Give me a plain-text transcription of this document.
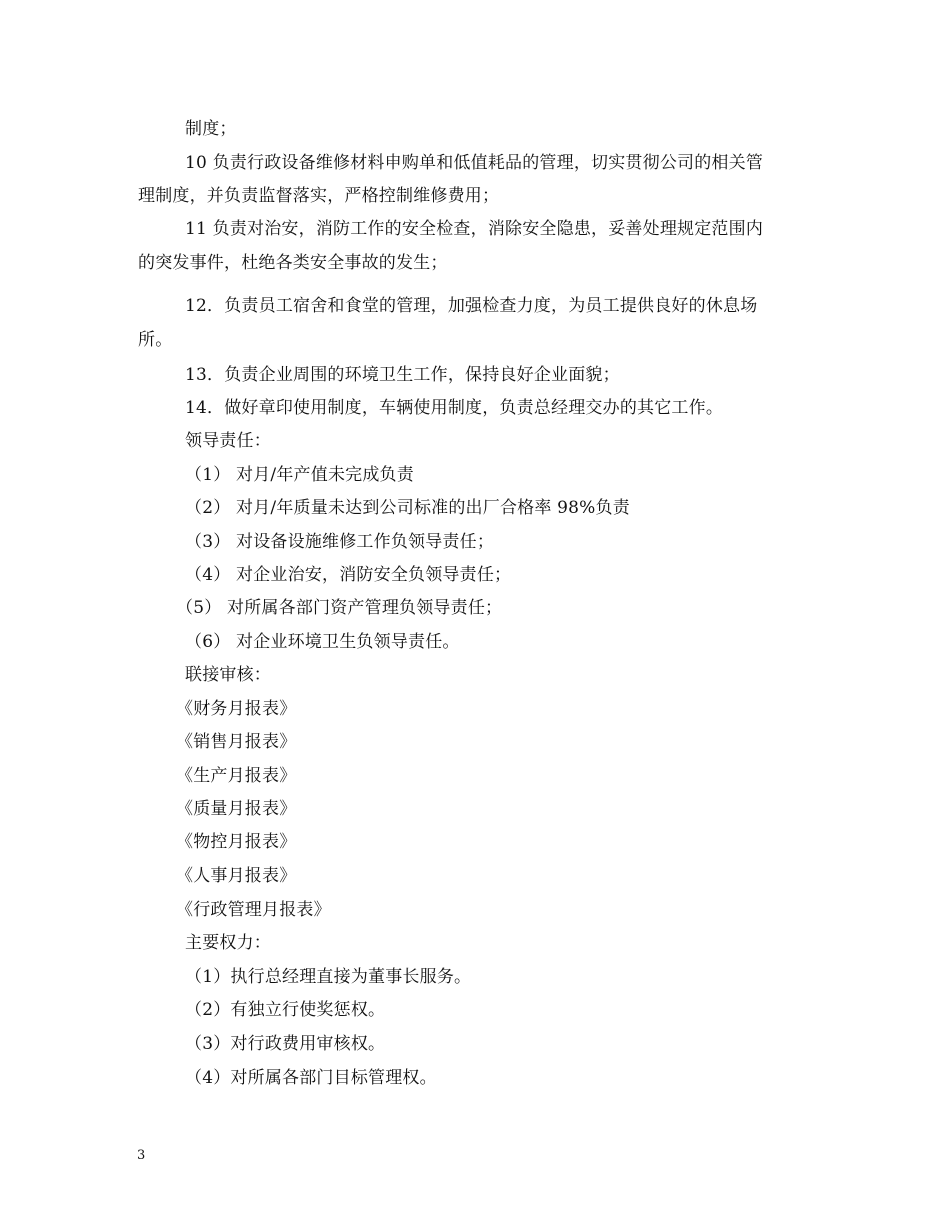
制度；
10 负责行政设备维修材料申购单和低值耗品的管理，切实贯彻公司的相关管
理制度，并负责监督落实，严格控制维修费用；
11 负责对治安，消防工作的安全检查，消除安全隐患，妥善处理规定范围内
的突发事件，杜绝各类安全事故的发生；
12．负责员工宿舍和食堂的管理，加强检查力度，为员工提供良好的休息场
所。
13．负责企业周围的环境卫生工作，保持良好企业面貌；
14．做好章印使用制度，车辆使用制度，负责总经理交办的其它工作。
领导责任：
（1） 对月/年产值未完成负责
（2） 对月/年质量未达到公司标准的出厂合格率 98%负责
（3） 对设备设施维修工作负领导责任；
（4） 对企业治安，消防安全负领导责任；
（5） 对所属各部门资产管理负领导责任；
（6） 对企业环境卫生负领导责任。
联接审核：
《财务月报表》
《销售月报表》
《生产月报表》
《质量月报表》
《物控月报表》
《人事月报表》
《行政管理月报表》
主要权力：
（1）执行总经理直接为董事长服务。
（2）有独立行使奖惩权。
（3）对行政费用审核权。
（4）对所属各部门目标管理权。
3
